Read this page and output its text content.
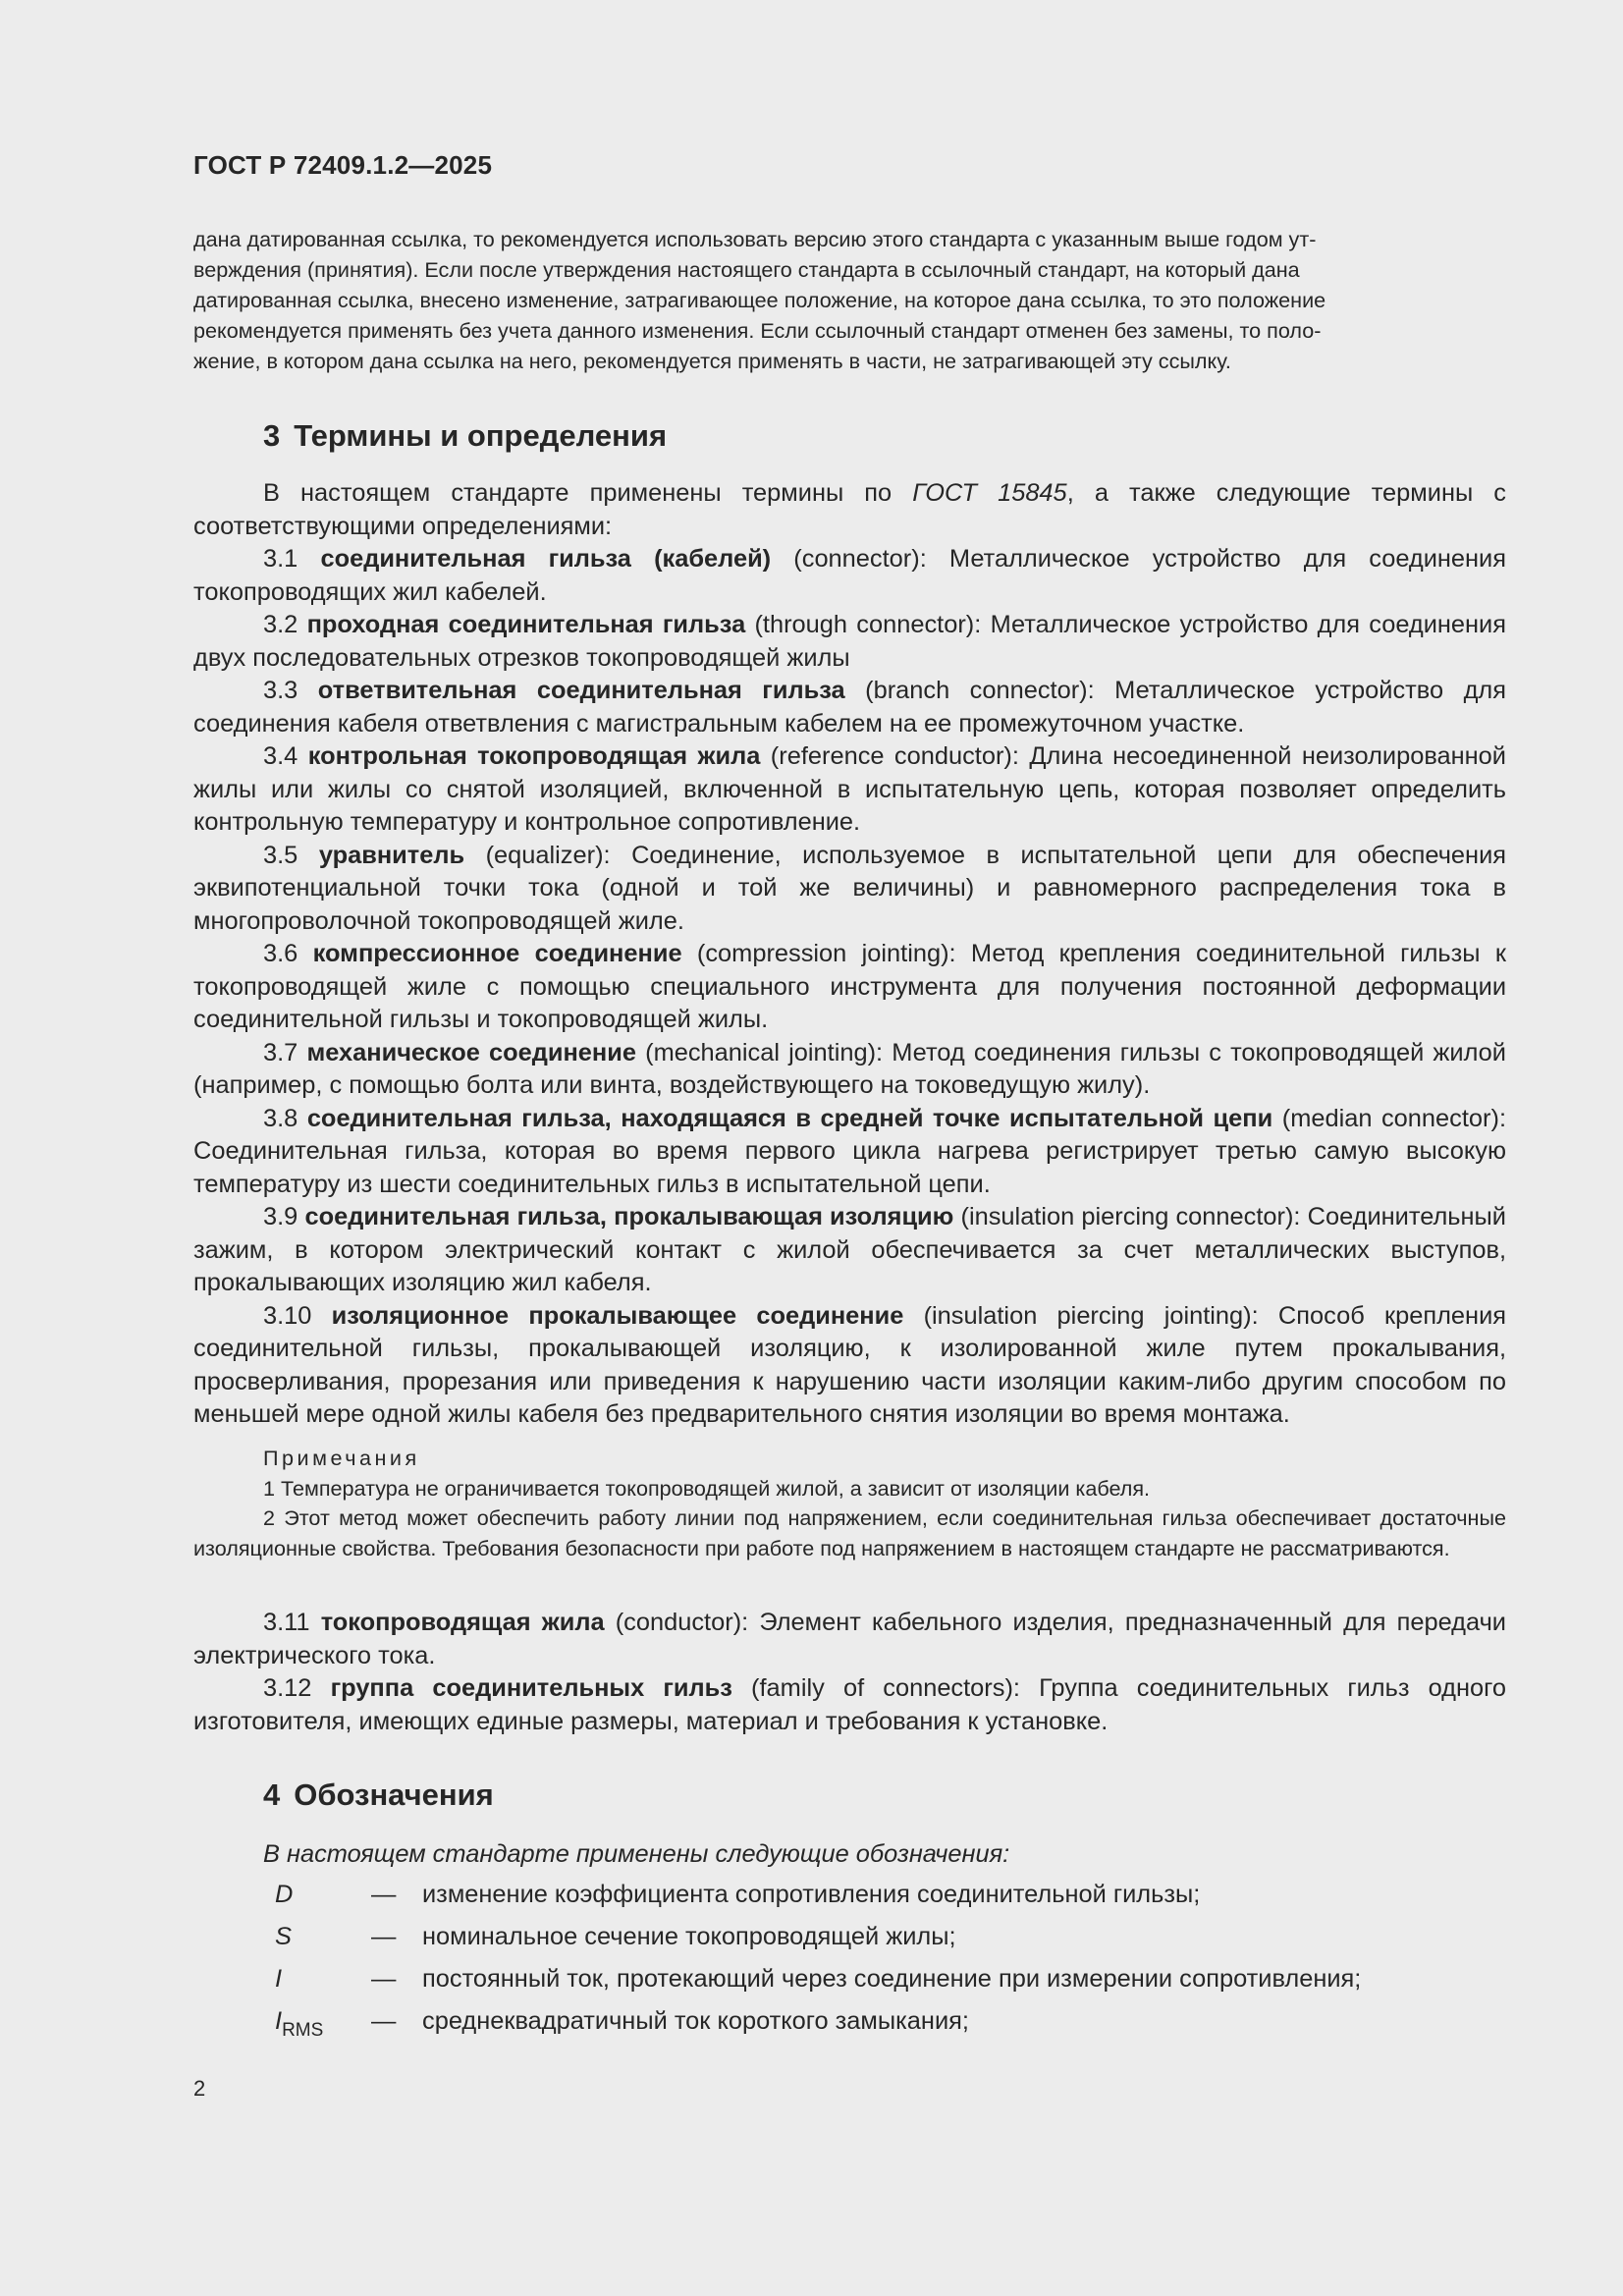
ГОСТ Р 72409.1.2—2025
дана датированная ссылка, то рекомендуется использовать версию этого стандарта с указанным выше годом ут-
верждения (принятия). Если после утверждения настоящего стандарта в ссылочный стандарт, на который дана
датированная ссылка, внесено изменение, затрагивающее положение, на которое дана ссылка, то это положение
рекомендуется применять без учета данного изменения. Если ссылочный стандарт отменен без замены, то поло-
жение, в котором дана ссылка на него, рекомендуется применять в части, не затрагивающей эту ссылку.
3 Термины и определения

В настоящем стандарте применены термины по ГОСТ 15845, а также следующие термины с соответствующими определениями:

3.1 соединительная гильза (кабелей) (connector): Металлическое устройство для соединения токопроводящих жил кабелей.

3.2 проходная соединительная гильза (through connector): Металлическое устройство для соединения двух последовательных отрезков токопроводящей жилы

3.3 ответвительная соединительная гильза (branch connector): Металлическое устройство для соединения кабеля ответвления с магистральным кабелем на ее промежуточном участке.

3.4 контрольная токопроводящая жила (reference conductor): Длина несоединенной неизолированной жилы или жилы со снятой изоляцией, включенной в испытательную цепь, которая позволяет определить контрольную температуру и контрольное сопротивление.

3.5 уравнитель (equalizer): Соединение, используемое в испытательной цепи для обеспечения эквипотенциальной точки тока (одной и той же величины) и равномерного распределения тока в многопроволочной токопроводящей жиле.

3.6 компрессионное соединение (compression jointing): Метод крепления соединительной гильзы к токопроводящей жиле с помощью специального инструмента для получения постоянной деформации соединительной гильзы и токопроводящей жилы.

3.7 механическое соединение (mechanical jointing): Метод соединения гильзы с токопроводящей жилой (например, с помощью болта или винта, воздействующего на токоведущую жилу).

3.8 соединительная гильза, находящаяся в средней точке испытательной цепи (median connector): Соединительная гильза, которая во время первого цикла нагрева регистрирует третью самую высокую температуру из шести соединительных гильз в испытательной цепи.

3.9 соединительная гильза, прокалывающая изоляцию (insulation piercing connector): Соединительный зажим, в котором электрический контакт с жилой обеспечивается за счет металлических выступов, прокалывающих изоляцию жил кабеля.

3.10 изоляционное прокалывающее соединение (insulation piercing jointing): Способ крепления соединительной гильзы, прокалывающей изоляцию, к изолированной жиле путем прокалывания, просверливания, прорезания или приведения к нарушению части изоляции каким-либо другим способом по меньшей мере одной жилы кабеля без предварительного снятия изоляции во время монтажа.

Примечания

1 Температура не ограничивается токопроводящей жилой, а зависит от изоляции кабеля.

2 Этот метод может обеспечить работу линии под напряжением, если соединительная гильза обеспечивает достаточные изоляционные свойства. Требования безопасности при работе под напряжением в настоящем стандарте не рассматриваются.

3.11 токопроводящая жила (conductor): Элемент кабельного изделия, предназначенный для передачи электрического тока.

3.12 группа соединительных гильз (family of connectors): Группа соединительных гильз одного изготовителя, имеющих единые размеры, материал и требования к установке.

4 Обозначения
В настоящем стандарте применены следующие обозначения:
D	—	изменение коэффициента сопротивления соединительной гильзы;
S	—	номинальное сечение токопроводящей жилы;
I	—	постоянный ток, протекающий через соединение при измерении сопротивления;
$I_{RMS}$	—	среднеквадратичный ток короткого замыкания;
2
